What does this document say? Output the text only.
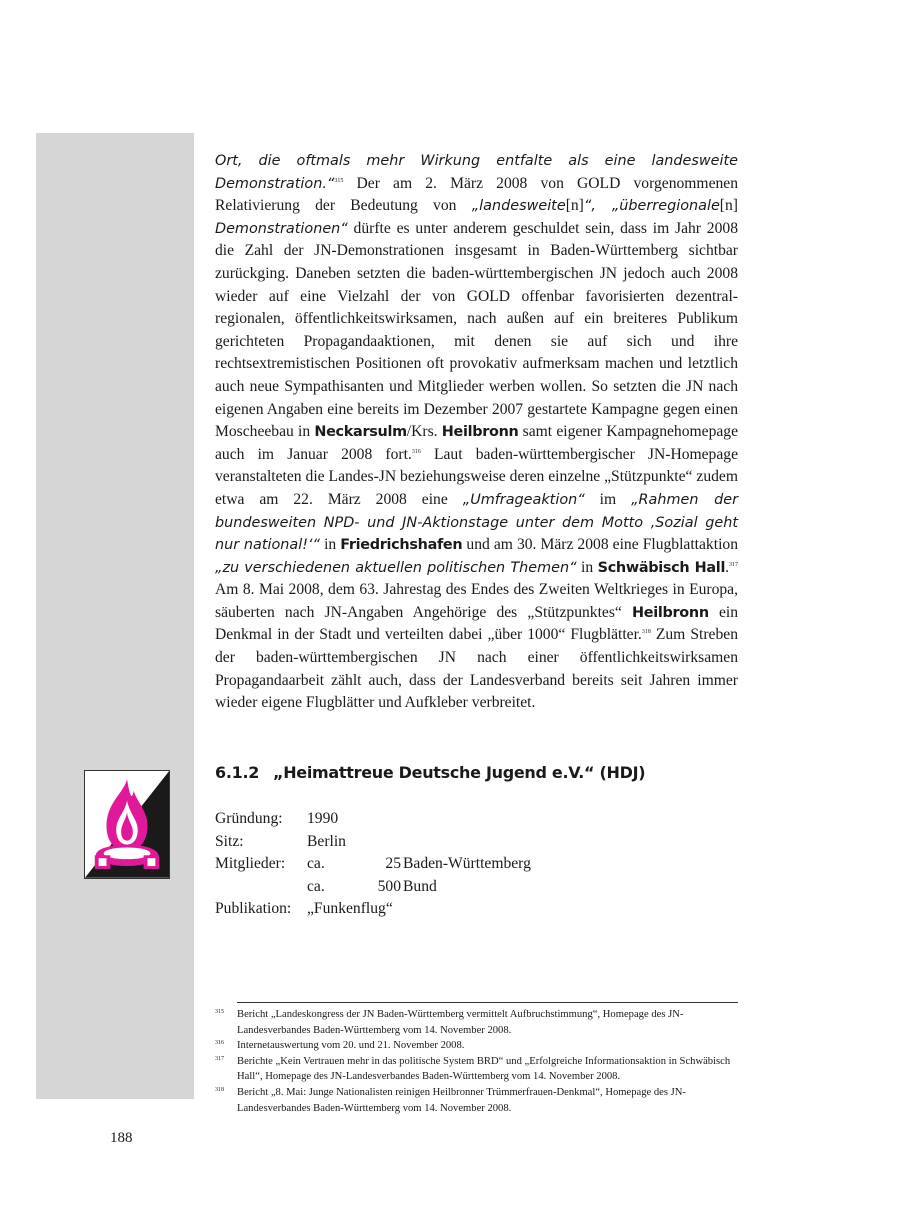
Ort, die oftmals mehr Wirkung entfalte als eine landesweite Demonstration.“$^{315}$ Der am 2. März 2008 von GOLD vorgenommenen Relativierung der Bedeutung von „landesweite[n]“, „überregionale[n] Demonstrationen“ dürfte es unter anderem geschuldet sein, dass im Jahr 2008 die Zahl der JN-Demonstrationen insgesamt in Baden-Württemberg sichtbar zurückging. Daneben setzten die baden-württembergischen JN jedoch auch 2008 wieder auf eine Vielzahl der von GOLD offenbar favorisierten dezentral-regionalen, öffentlichkeitswirksamen, nach außen auf ein breiteres Publikum gerichteten Propagandaaktionen, mit denen sie auf sich und ihre rechtsextremistischen Positionen oft provokativ aufmerksam machen und letztlich auch neue Sympathisanten und Mitglieder werben wollen. So setzten die JN nach eigenen Angaben eine bereits im Dezember 2007 gestartete Kampagne gegen einen Moscheebau in Neckarsulm/Krs. Heilbronn samt eigener Kampagnehomepage auch im Januar 2008 fort.$^{316}$ Laut baden-württembergischer JN-Homepage veranstalteten die Landes-JN beziehungsweise deren einzelne „Stützpunkte“ zudem etwa am 22. März 2008 eine „Umfrageaktion“ im „Rahmen der bundesweiten NPD- und JN-Aktionstage unter dem Motto ‚Sozial geht nur national!‘“ in Friedrichshafen und am 30. März 2008 eine Flugblattaktion „zu verschiedenen aktuellen politischen Themen“ in Schwäbisch Hall.$^{317}$ Am 8. Mai 2008, dem 63. Jahrestag des Endes des Zweiten Weltkrieges in Europa, säuberten nach JN-Angaben Angehörige des „Stützpunktes“ Heilbronn ein Denkmal in der Stadt und verteilten dabei „über 1000“ Flugblätter.$^{318}$ Zum Streben der baden-württembergischen JN nach einer öffentlichkeitswirksamen Propagandaarbeit zählt auch, dass der Landesverband bereits seit Jahren immer wieder eigene Flugblätter und Aufkleber verbreitet.

6.1.2 „Heimattreue Deutsche Jugend e.V.“ (HDJ)
Gründung: 1990
Sitz:	Berlin
Mitglieder: ca.	25 Baden-Württemberg
ca.	500 Bund
Publikation: „Funkenflug“
315 Bericht „Landeskongress der JN Baden-Württemberg vermittelt Aufbruchstimmung“, Homepage des JN-Landesverbandes Baden-Württemberg vom 14. November 2008.
316 Internetauswertung vom 20. und 21. November 2008.
317 Berichte „Kein Vertrauen mehr in das politische System BRD“ und „Erfolgreiche Informationsaktion in Schwäbisch Hall“, Homepage des JN-Landesverbandes Baden-Württemberg vom 14. November 2008.
318 Bericht „8. Mai: Junge Nationalisten reinigen Heilbronner Trümmerfrauen-Denkmal“, Homepage des JN-Landesverbandes Baden-Württemberg vom 14. November 2008.
188
